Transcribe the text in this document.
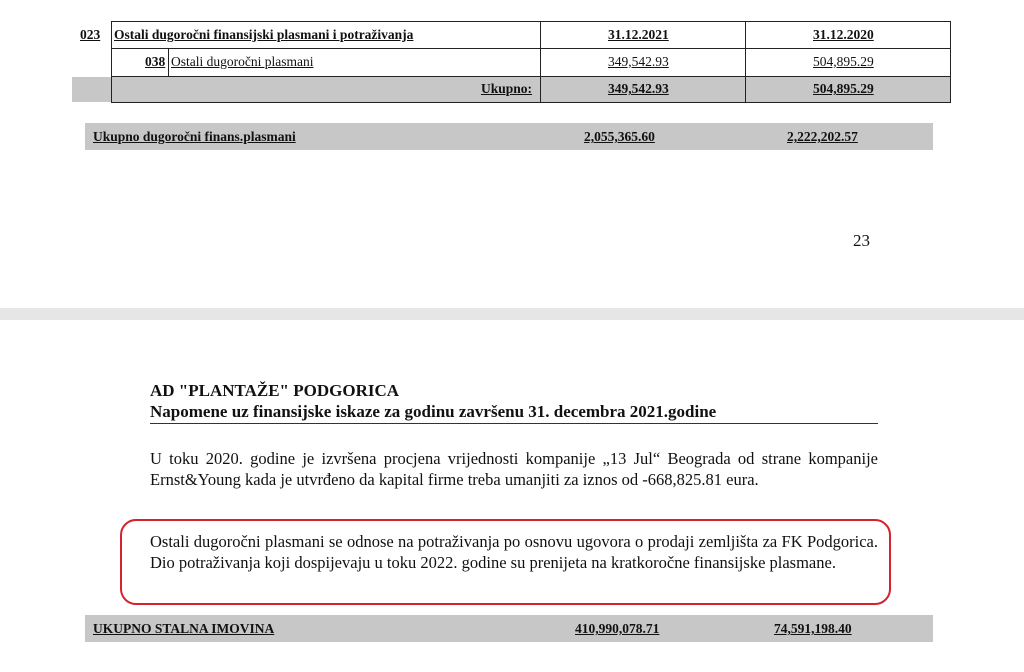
023 Ostali dugoročni finansijski plasmani i potraživanja	31.12.2021	31.12.2020
038 Ostali dugoročni plasmani	349,542.93	504,895.29
Ukupno:	349,542.93	504,895.29
Ukupno dugoročni finans.plasmani	2,055,365.60	2,222,202.57
23
AD "PLANTAŽE" PODGORICA
Napomene uz finansijske iskaze za godinu završenu 31. decembra 2021.godine
U toku 2020. godine je izvršena procjena vrijednosti kompanije „13 Jul“ Beograda od strane kompanije Ernst&Young kada je utvrđeno da kapital firme treba umanjiti za iznos od -668,825.81 eura.
Ostali dugoročni plasmani se odnose na potraživanja po osnovu ugovora o prodaji zemljišta za FK Podgorica. Dio potraživanja koji dospijevaju u toku 2022. godine su prenijeta na kratkoročne finansijske plasmane.
UKUPNO STALNA IMOVINA	410,990,078.71	74,591,198.40
